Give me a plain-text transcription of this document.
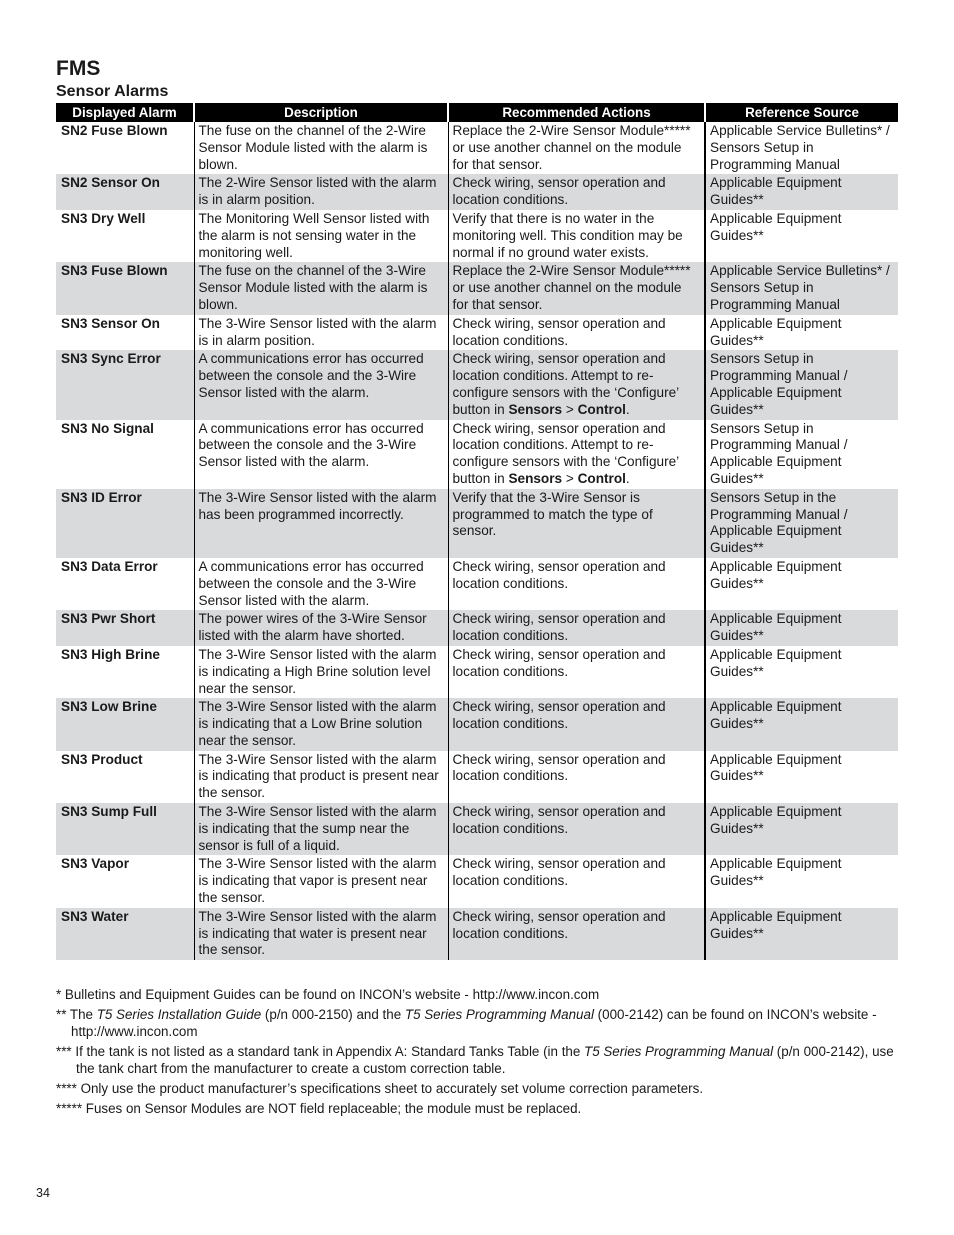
FMS
Sensor Alarms
Displayed Alarm	Description	Recommended Actions	Reference Source
SN2 Fuse Blown	The fuse on the channel of the 2-Wire Sensor Module listed with the alarm is blown.	Replace the 2-Wire Sensor Module***** or use another channel on the module for that sensor.	Applicable Service Bulletins* / Sensors Setup in Programming Manual
SN2 Sensor On	The 2-Wire Sensor listed with the alarm is in alarm position.	Check wiring, sensor operation and location conditions.	Applicable Equipment Guides**
SN3 Dry Well	The Monitoring Well Sensor listed with the alarm is not sensing water in the monitoring well.	Verify that there is no water in the monitoring well. This condition may be normal if no ground water exists.	Applicable Equipment Guides**
SN3 Fuse Blown	The fuse on the channel of the 3-Wire Sensor Module listed with the alarm is blown.	Replace the 2-Wire Sensor Module***** or use another channel on the module for that sensor.	Applicable Service Bulletins* / Sensors Setup in Programming Manual
SN3 Sensor On	The 3-Wire Sensor listed with the alarm is in alarm position.	Check wiring, sensor operation and location conditions.	Applicable Equipment Guides**
SN3 Sync Error	A communications error has occurred between the console and the 3-Wire Sensor listed with the alarm.	Check wiring, sensor operation and location conditions. Attempt to re-configure sensors with the ‘Configure’ button in Sensors > Control.	Sensors Setup in Programming Manual / Applicable Equipment Guides**
SN3 No Signal	A communications error has occurred between the console and the 3-Wire Sensor listed with the alarm.	Check wiring, sensor operation and location conditions. Attempt to re-configure sensors with the ‘Configure’ button in Sensors > Control.	Sensors Setup in Programming Manual / Applicable Equipment Guides**
SN3 ID Error	The 3-Wire Sensor listed with the alarm has been programmed incorrectly.	Verify that the 3-Wire Sensor is programmed to match the type of sensor.	Sensors Setup in the Programming Manual / Applicable Equipment Guides**
SN3 Data Error	A communications error has occurred between the console and the 3-Wire Sensor listed with the alarm.	Check wiring, sensor operation and location conditions.	Applicable Equipment Guides**
SN3 Pwr Short	The power wires of the 3-Wire Sensor listed with the alarm have shorted.	Check wiring, sensor operation and location conditions.	Applicable Equipment Guides**
SN3 High Brine	The 3-Wire Sensor listed with the alarm is indicating a High Brine solution level near the sensor.	Check wiring, sensor operation and location conditions.	Applicable Equipment Guides**
SN3 Low Brine	The 3-Wire Sensor listed with the alarm is indicating that a Low Brine solution near the sensor.	Check wiring, sensor operation and location conditions.	Applicable Equipment Guides**
SN3 Product	The 3-Wire Sensor listed with the alarm is indicating that product is present near the sensor.	Check wiring, sensor operation and location conditions.	Applicable Equipment Guides**
SN3 Sump Full	The 3-Wire Sensor listed with the alarm is indicating that the sump near the sensor is full of a liquid.	Check wiring, sensor operation and location conditions.	Applicable Equipment Guides**
SN3 Vapor	The 3-Wire Sensor listed with the alarm is indicating that vapor is present near the sensor.	Check wiring, sensor operation and location conditions.	Applicable Equipment Guides**
SN3 Water	The 3-Wire Sensor listed with the alarm is indicating that water is present near the sensor.	Check wiring, sensor operation and location conditions.	Applicable Equipment Guides**

* Bulletins and Equipment Guides can be found on INCON’s website - http://www.incon.com

** The T5 Series Installation Guide (p/n 000-2150) and the T5 Series Programming Manual (000-2142) can be found on INCON’s website - http://www.incon.com

*** If the tank is not listed as a standard tank in Appendix A: Standard Tanks Table (in the T5 Series Programming Manual (p/n 000-2142), use the tank chart from the manufacturer to create a custom correction table.

**** Only use the product manufacturer’s specifications sheet to accurately set volume correction parameters.

***** Fuses on Sensor Modules are NOT field replaceable; the module must be replaced.

34
